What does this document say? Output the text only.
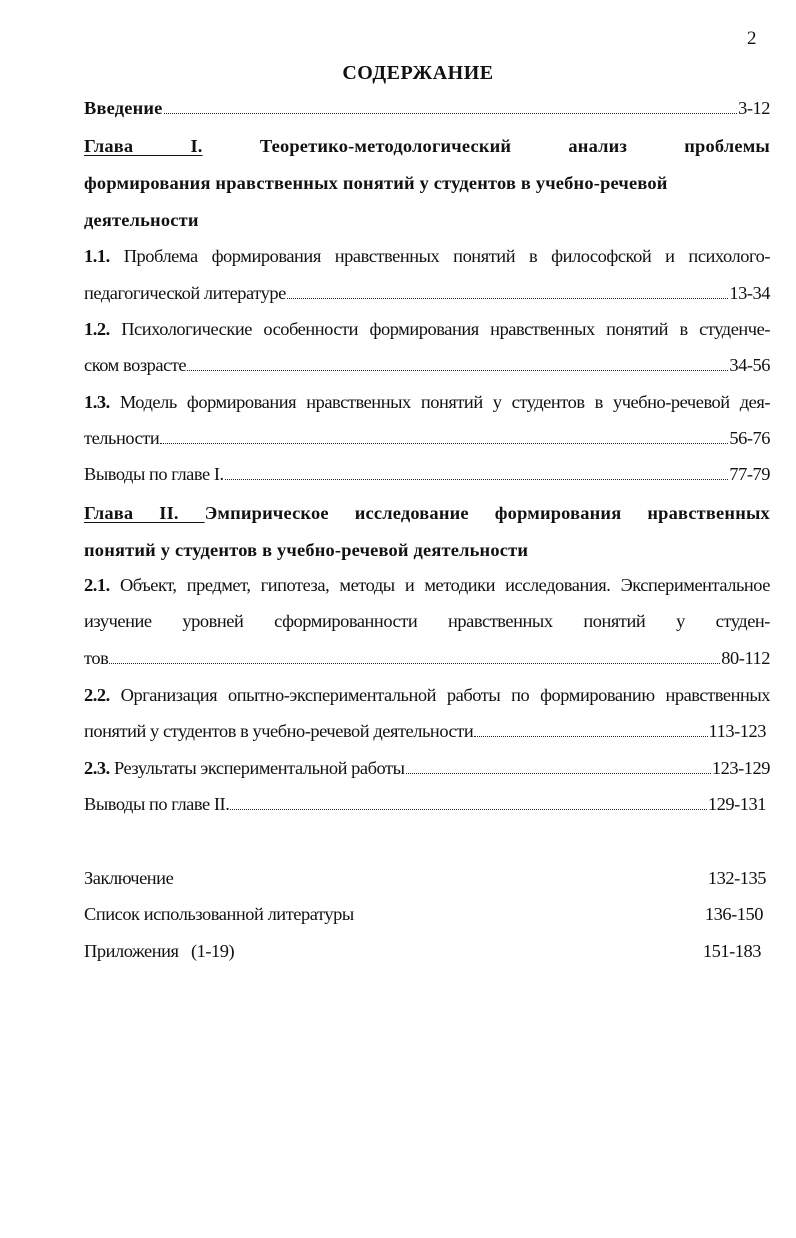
2
СОДЕРЖАНИЕ
Введение	3-12
Глава I.	Теоретико-методологический	анализ	проблемы
формирования нравственных понятий у студентов в учебно-речевой
деятельности
1.1. Проблема формирования нравственных понятий в философской и психолого-
педагогической литературе	13-34
1.2. Психологические особенности формирования нравственных понятий в студенче-
ском возрасте	34-56
1.3. Модель формирования нравственных понятий у студентов в учебно-речевой дея-
тельности	56-76
Выводы по главе I.	77-79
Глава II. Эмпирическое исследование формирования нравственных
понятий у студентов в учебно-речевой деятельности
2.1. Объект, предмет, гипотеза, методы и методики исследования. Экспериментальное
изучение уровней сформированности нравственных понятий у студен-
тов	80-112
2.2. Организация опытно-экспериментальной работы по формированию нравственных
понятий у студентов в учебно-речевой деятельности	113-123
2.3. Результаты экспериментальной работы	123-129
Выводы по главе II.	129-131
Заключение	132-135
Список использованной литературы	136-150
Приложения   (1-19)	151-183
